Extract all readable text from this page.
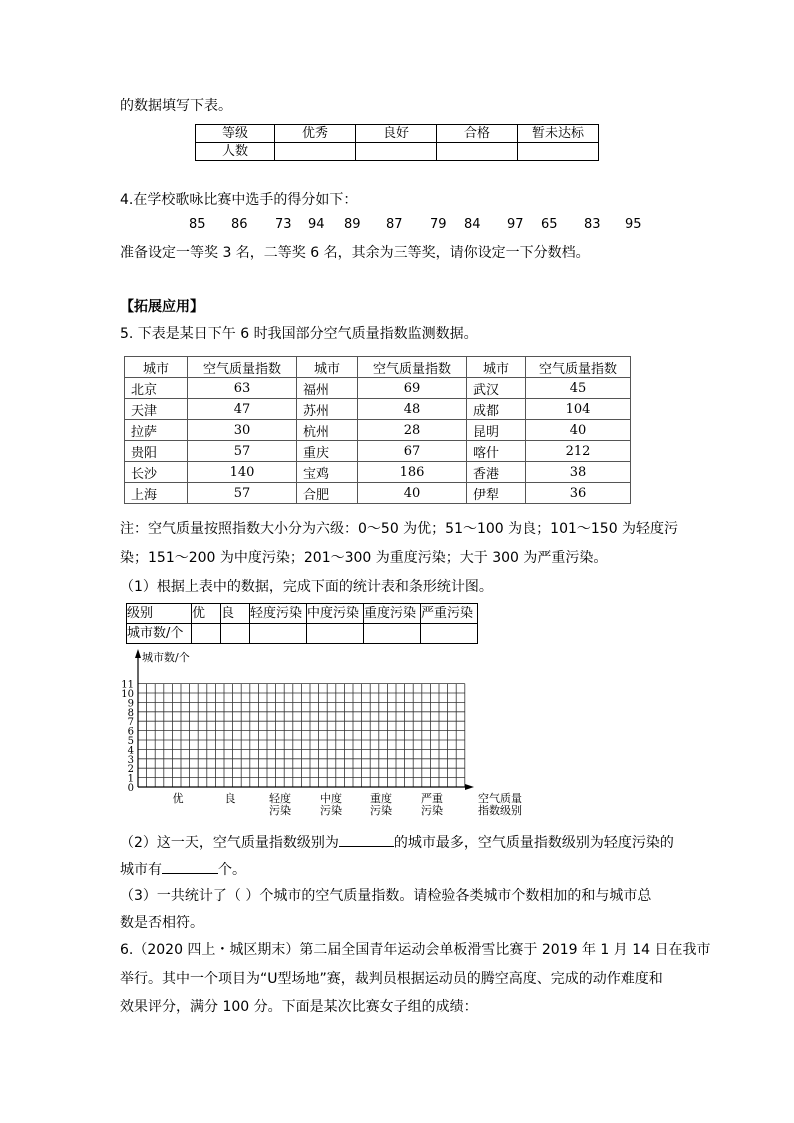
的数据填写下表。
等级	优秀	良好	合格	暂未达标
人数				
4.在学校歌咏比赛中选手的得分如下：
85 86 73 94 89 87 79 84 97 65 83 95
准备设定一等奖 3 名，二等奖 6 名，其余为三等奖，请你设定一下分数档。
【拓展应用】
5. 下表是某日下午 6 时我国部分空气质量指数监测数据。
城市	空气质量指数	城市	空气质量指数	城市	空气质量指数
北京	63	福州	69	武汉	45
天津	47	苏州	48	成都	104
拉萨	30	杭州	28	昆明	40
贵阳	57	重庆	67	喀什	212
长沙	140	宝鸡	186	香港	38
上海	57	合肥	40	伊犁	36
注：空气质量按照指数大小分为六级：0～50 为优；51～100 为良；101～150 为轻度污
染；151～200 为中度污染；201～300 为重度污染；大于 300 为严重污染。
（1）根据上表中的数据，完成下面的统计表和条形统计图。
级别	优	良	轻度污染	中度污染	重度污染	严重污染
城市数/个						
城市数/个
0
1
2
3
4
5
6
7
8
9
10
11
优	良	轻度
污染
中度
污染
重度
污染
严重
污染
空气质量
指数级别
（2）这一天，空气质量指数级别为	的城市最多，空气质量指数级别为轻度污染的
城市有	个。
（3）一共统计了（ ）个城市的空气质量指数。请检验各类城市个数相加的和与城市总
数是否相符。
6.（2020 四上・城区期末）第二届全国青年运动会单板滑雪比赛于 2019 年 1 月 14 日在我市
举行。其中一个项目为“U型场地”赛，裁判员根据运动员的腾空高度、完成的动作难度和
效果评分，满分 100 分。下面是某次比赛女子组的成绩：
